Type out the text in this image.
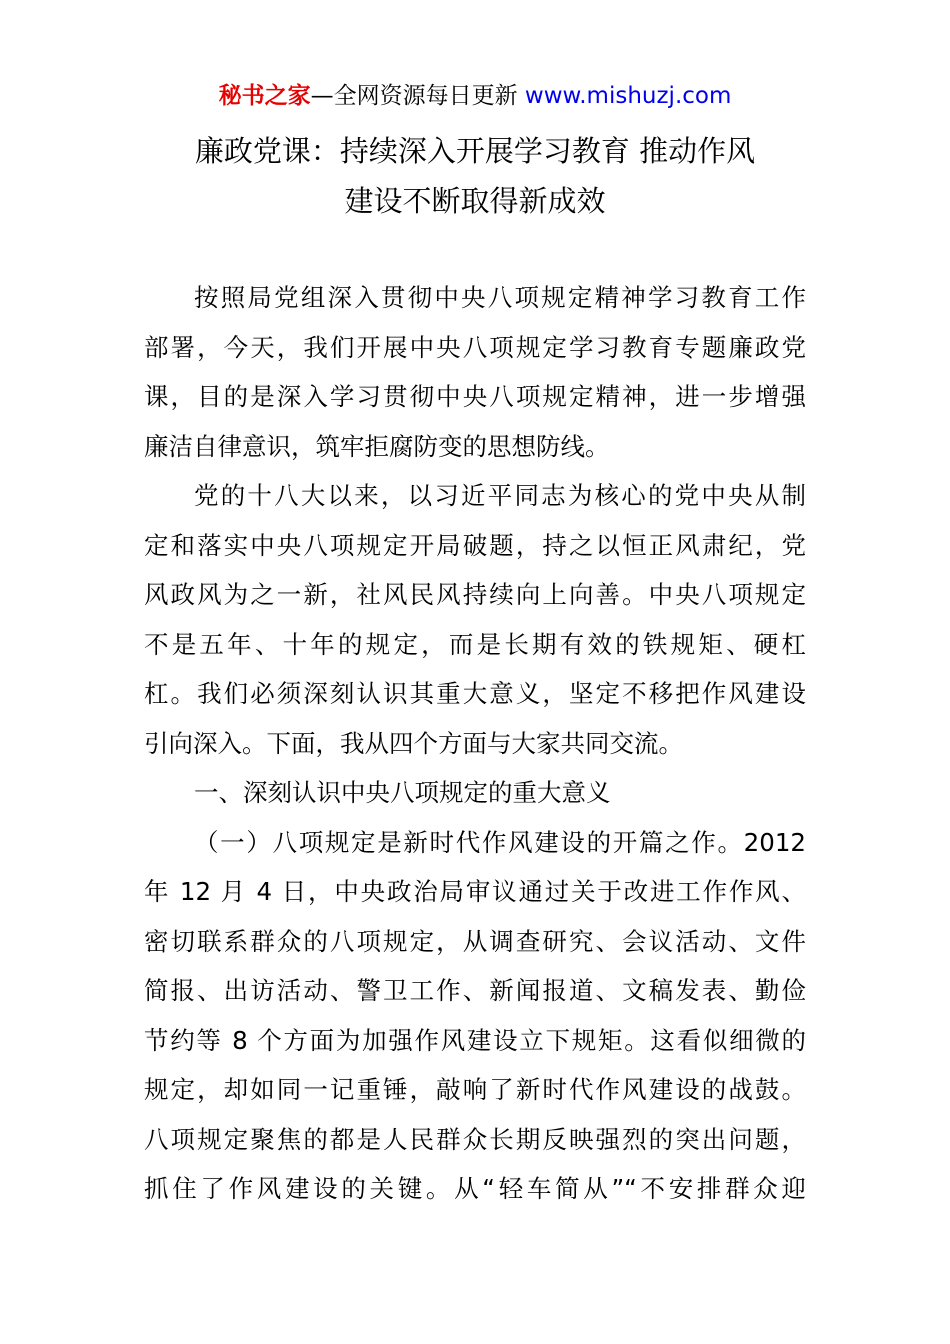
秘书之家—全网资源每日更新 www.mishuzj.com
廉政党课：持续深入开展学习教育 推动作风
建设不断取得新成效
按照局党组深入贯彻中央八项规定精神学习教育工作
部署，今天，我们开展中央八项规定学习教育专题廉政党
课，目的是深入学习贯彻中央八项规定精神，进一步增强
廉洁自律意识，筑牢拒腐防变的思想防线。
党的十八大以来，以习近平同志为核心的党中央从制
定和落实中央八项规定开局破题，持之以恒正风肃纪，党
风政风为之一新，社风民风持续向上向善。中央八项规定
不是五年、十年的规定，而是长期有效的铁规矩、硬杠
杠。我们必须深刻认识其重大意义，坚定不移把作风建设
引向深入。下面，我从四个方面与大家共同交流。
一、深刻认识中央八项规定的重大意义
（一）八项规定是新时代作风建设的开篇之作。2012
年 12 月 4 日，中央政治局审议通过关于改进工作作风、
密切联系群众的八项规定，从调查研究、会议活动、文件
简报、出访活动、警卫工作、新闻报道、文稿发表、勤俭
节约等 8 个方面为加强作风建设立下规矩。这看似细微的
规定，却如同一记重锤，敲响了新时代作风建设的战鼓。
八项规定聚焦的都是人民群众长期反映强烈的突出问题，
抓住了作风建设的关键。从“轻车简从”“不安排群众迎
